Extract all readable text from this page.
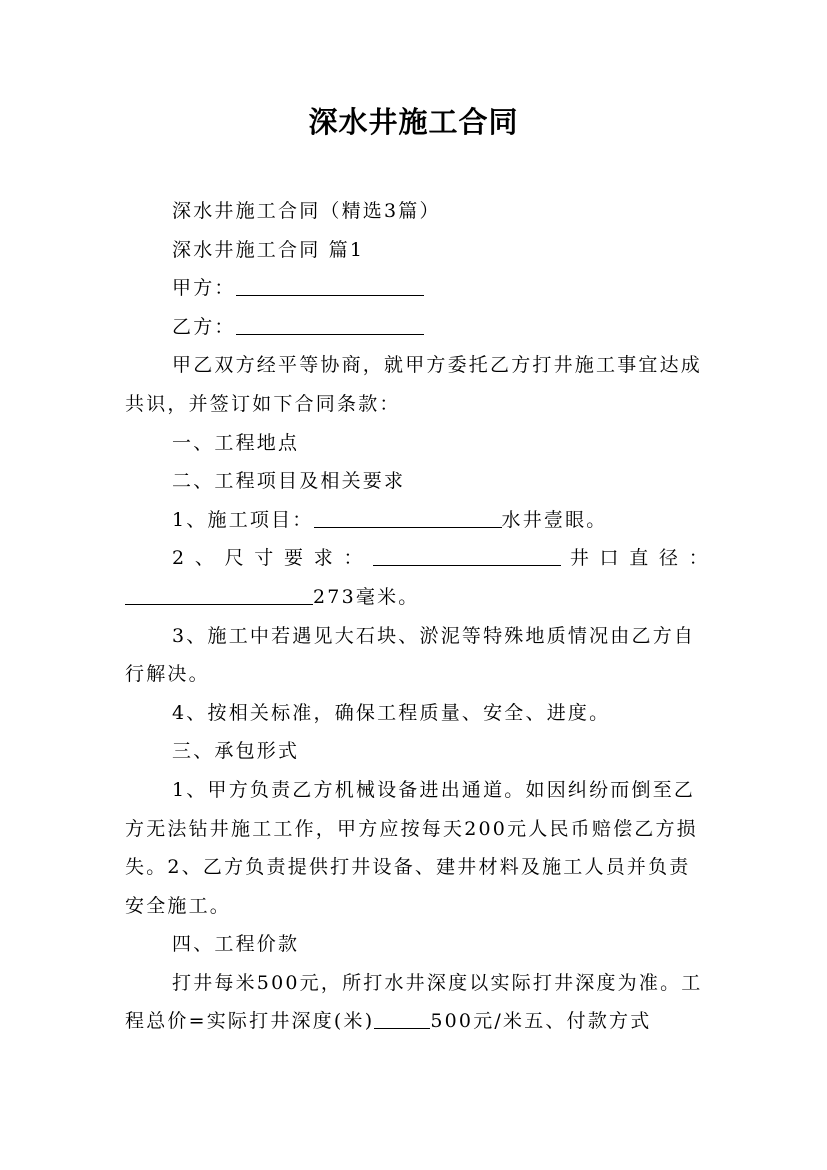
深水井施工合同

深水井施工合同（精选3篇）

深水井施工合同 篇1

甲方：

乙方：

甲乙双方经平等协商，就甲方委托乙方打井施工事宜达成共识，并签订如下合同条款：

一、工程地点

二、工程项目及相关要求

1、施工项目：	水井壹眼。

2、尺寸要求：	井口直径：

273毫米。

3、施工中若遇见大石块、淤泥等特殊地质情况由乙方自行解决。

4、按相关标准，确保工程质量、安全、进度。

三、承包形式

1、甲方负责乙方机械设备进出通道。如因纠纷而倒至乙方无法钻井施工工作，甲方应按每天200元人民币赔偿乙方损失。2、乙方负责提供打井设备、建井材料及施工人员并负责安全施工。

四、工程价款

打井每米500元，所打水井深度以实际打井深度为准。工程总价=实际打井深度(米)	500元/米五、付款方式
